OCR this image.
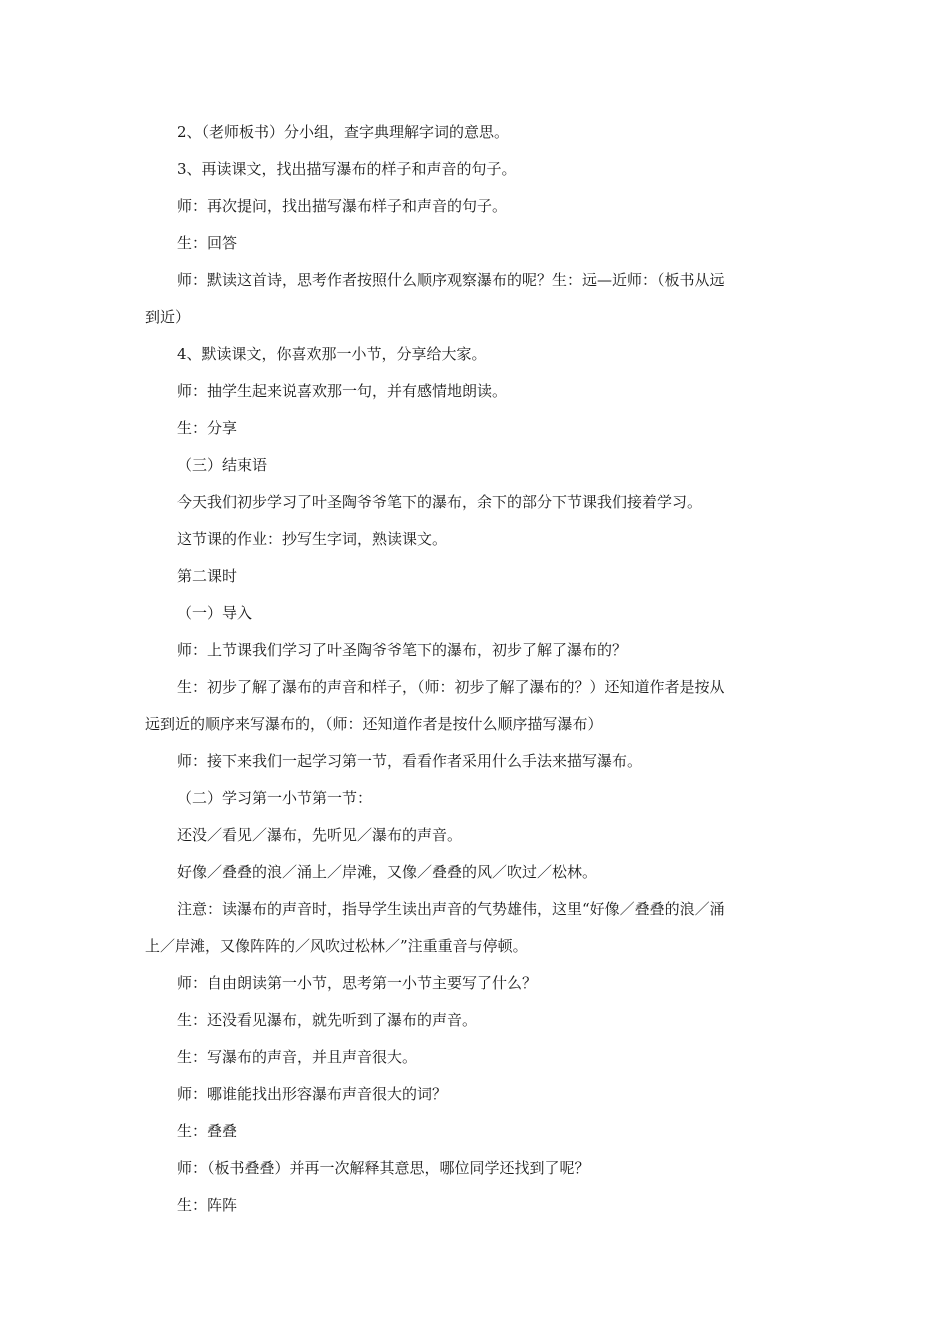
2、（老师板书）分小组，查字典理解字词的意思。
3、再读课文，找出描写瀑布的样子和声音的句子。
师：再次提问，找出描写瀑布样子和声音的句子。
生：回答
师：默读这首诗，思考作者按照什么顺序观察瀑布的呢？生：远—近师：（板书从远
到近）
4、默读课文，你喜欢那一小节，分享给大家。
师：抽学生起来说喜欢那一句，并有感情地朗读。
生：分享
（三）结束语
今天我们初步学习了叶圣陶爷爷笔下的瀑布，余下的部分下节课我们接着学习。
这节课的作业：抄写生字词，熟读课文。
第二课时
（一）导入
师：上节课我们学习了叶圣陶爷爷笔下的瀑布，初步了解了瀑布的？
生：初步了解了瀑布的声音和样子，（师：初步了解了瀑布的？）还知道作者是按从
远到近的顺序来写瀑布的，（师：还知道作者是按什么顺序描写瀑布）
师：接下来我们一起学习第一节，看看作者采用什么手法来描写瀑布。
（二）学习第一小节第一节：
还没／看见／瀑布，先听见／瀑布的声音。
好像／叠叠的浪／涌上／岸滩，又像／叠叠的风／吹过／松林。
注意：读瀑布的声音时，指导学生读出声音的气势雄伟，这里“好像／叠叠的浪／涌
上／岸滩，又像阵阵的／风吹过松林／”注重重音与停顿。
师：自由朗读第一小节，思考第一小节主要写了什么？
生：还没看见瀑布，就先听到了瀑布的声音。
生：写瀑布的声音，并且声音很大。
师：哪谁能找出形容瀑布声音很大的词？
生：叠叠
师：（板书叠叠）并再一次解释其意思，哪位同学还找到了呢？
生：阵阵
